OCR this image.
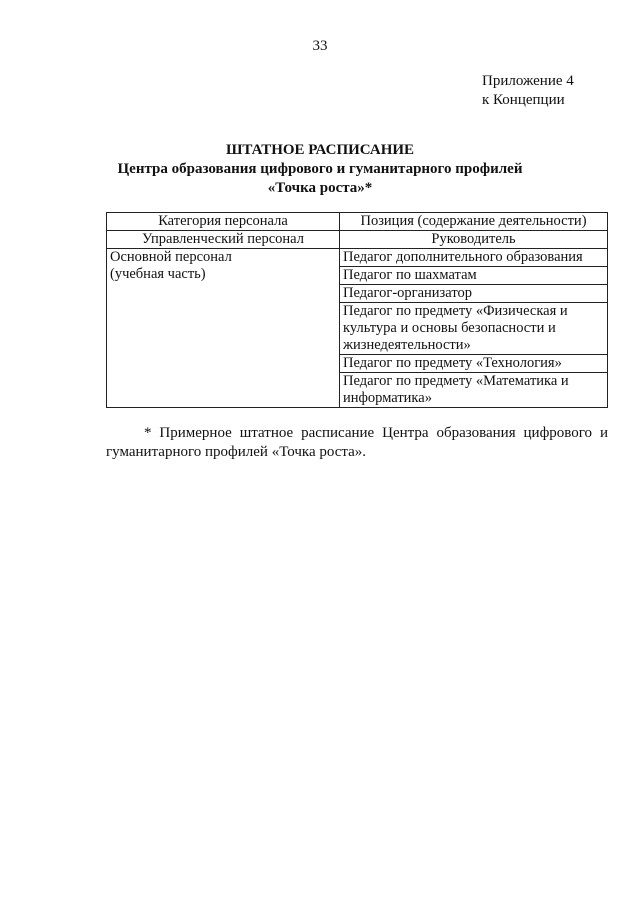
33
Приложение 4
к Концепции
ШТАТНОЕ РАСПИСАНИЕ
Центра образования цифрового и гуманитарного профилей
«Точка роста»*
Категория персонала	Позиция (содержание деятельности)
Управленческий персонал	Руководитель

Основной персонал
(учебная часть)	Педагог дополнительного образования
	Педагог по шахматам
	Педагог-организатор
	Педагог по предмету «Физическая и культура и основы безопасности и жизнедеятельности»
	Педагог по предмету «Технология»
	Педагог по предмету «Математика и информатика»
* Примерное штатное расписание Центра образования цифрового и гуманитарного профилей «Точка роста».
